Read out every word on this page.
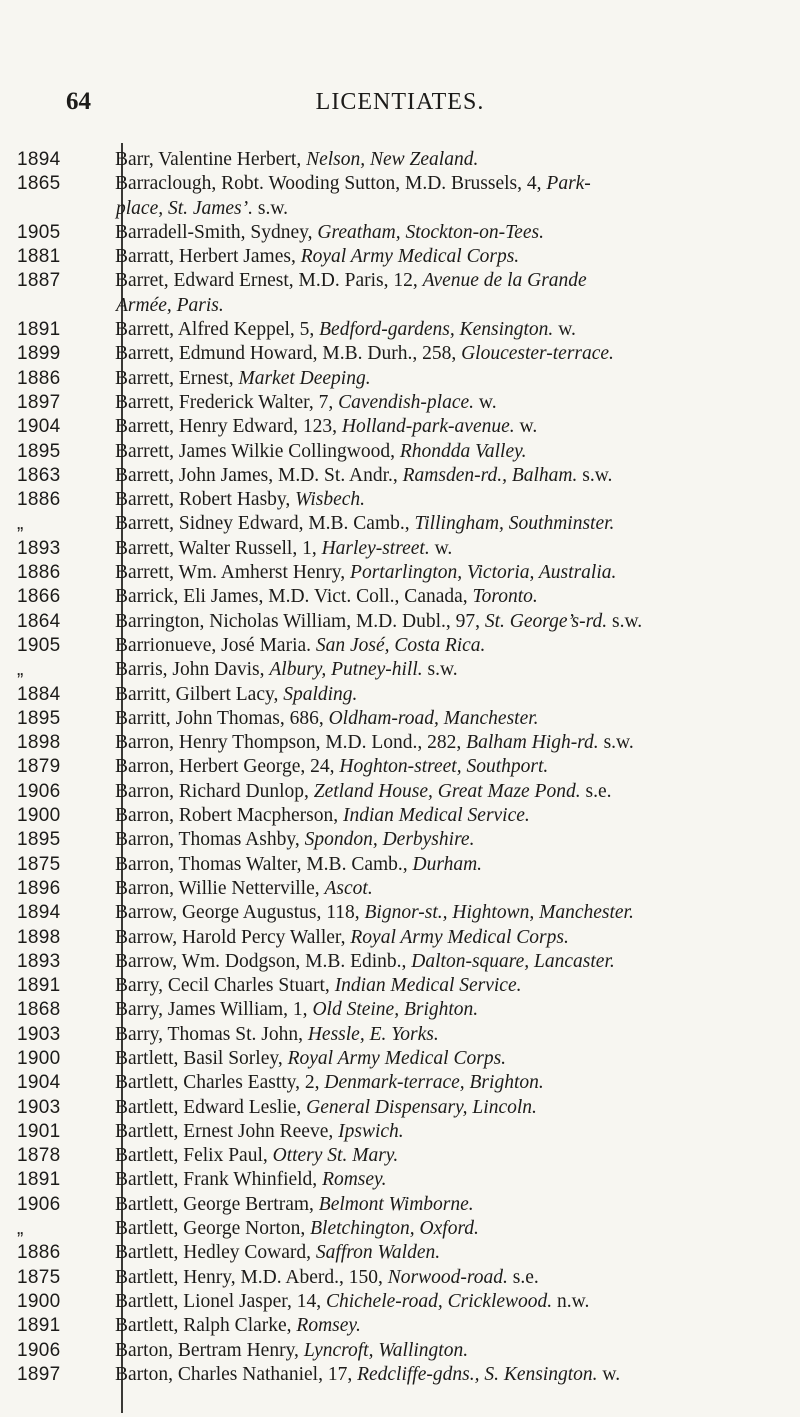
64	LICENTIATES.
1894	Barr, Valentine Herbert, Nelson, New Zealand.
1865	Barraclough, Robt. Wooding Sutton, M.D. Brussels, 4, Park-
place, St. James’. s.w.
1905	Barradell-Smith, Sydney, Greatham, Stockton-on-Tees.
1881	Barratt, Herbert James, Royal Army Medical Corps.
1887	Barret, Edward Ernest, M.D. Paris, 12, Avenue de la Grande
Armée, Paris.
1891	Barrett, Alfred Keppel, 5, Bedford-gardens, Kensington. w.
1899	Barrett, Edmund Howard, M.B. Durh., 258, Gloucester-terrace.
1886	Barrett, Ernest, Market Deeping.
1897	Barrett, Frederick Walter, 7, Cavendish-place. w.
1904	Barrett, Henry Edward, 123, Holland-park-avenue. w.
1895	Barrett, James Wilkie Collingwood, Rhondda Valley.
1863	Barrett, John James, M.D. St. Andr., Ramsden-rd., Balham. s.w.
1886	Barrett, Robert Hasby, Wisbech.
„	Barrett, Sidney Edward, M.B. Camb., Tillingham, Southminster.
1893	Barrett, Walter Russell, 1, Harley-street. w.
1886	Barrett, Wm. Amherst Henry, Portarlington, Victoria, Australia.
1866	Barrick, Eli James, M.D. Vict. Coll., Canada, Toronto.
1864	Barrington, Nicholas William, M.D. Dubl., 97, St. George’s-rd. s.w.
1905	Barrionueve, José Maria. San José, Costa Rica.
„	Barris, John Davis, Albury, Putney-hill. s.w.
1884	Barritt, Gilbert Lacy, Spalding.
1895	Barritt, John Thomas, 686, Oldham-road, Manchester.
1898	Barron, Henry Thompson, M.D. Lond., 282, Balham High-rd. s.w.
1879	Barron, Herbert George, 24, Hoghton-street, Southport.
1906	Barron, Richard Dunlop, Zetland House, Great Maze Pond. s.e.
1900	Barron, Robert Macpherson, Indian Medical Service.
1895	Barron, Thomas Ashby, Spondon, Derbyshire.
1875	Barron, Thomas Walter, M.B. Camb., Durham.
1896	Barron, Willie Netterville, Ascot.
1894	Barrow, George Augustus, 118, Bignor-st., Hightown, Manchester.
1898	Barrow, Harold Percy Waller, Royal Army Medical Corps.
1893	Barrow, Wm. Dodgson, M.B. Edinb., Dalton-square, Lancaster.
1891	Barry, Cecil Charles Stuart, Indian Medical Service.
1868	Barry, James William, 1, Old Steine, Brighton.
1903	Barry, Thomas St. John, Hessle, E. Yorks.
1900	Bartlett, Basil Sorley, Royal Army Medical Corps.
1904	Bartlett, Charles Eastty, 2, Denmark-terrace, Brighton.
1903	Bartlett, Edward Leslie, General Dispensary, Lincoln.
1901	Bartlett, Ernest John Reeve, Ipswich.
1878	Bartlett, Felix Paul, Ottery St. Mary.
1891	Bartlett, Frank Whinfield, Romsey.
1906	Bartlett, George Bertram, Belmont Wimborne.
„	Bartlett, George Norton, Bletchington, Oxford.
1886	Bartlett, Hedley Coward, Saffron Walden.
1875	Bartlett, Henry, M.D. Aberd., 150, Norwood-road. s.e.
1900	Bartlett, Lionel Jasper, 14, Chichele-road, Cricklewood. n.w.
1891	Bartlett, Ralph Clarke, Romsey.
1906	Barton, Bertram Henry, Lyncroft, Wallington.
1897	Barton, Charles Nathaniel, 17, Redcliffe-gdns., S. Kensington. w.
